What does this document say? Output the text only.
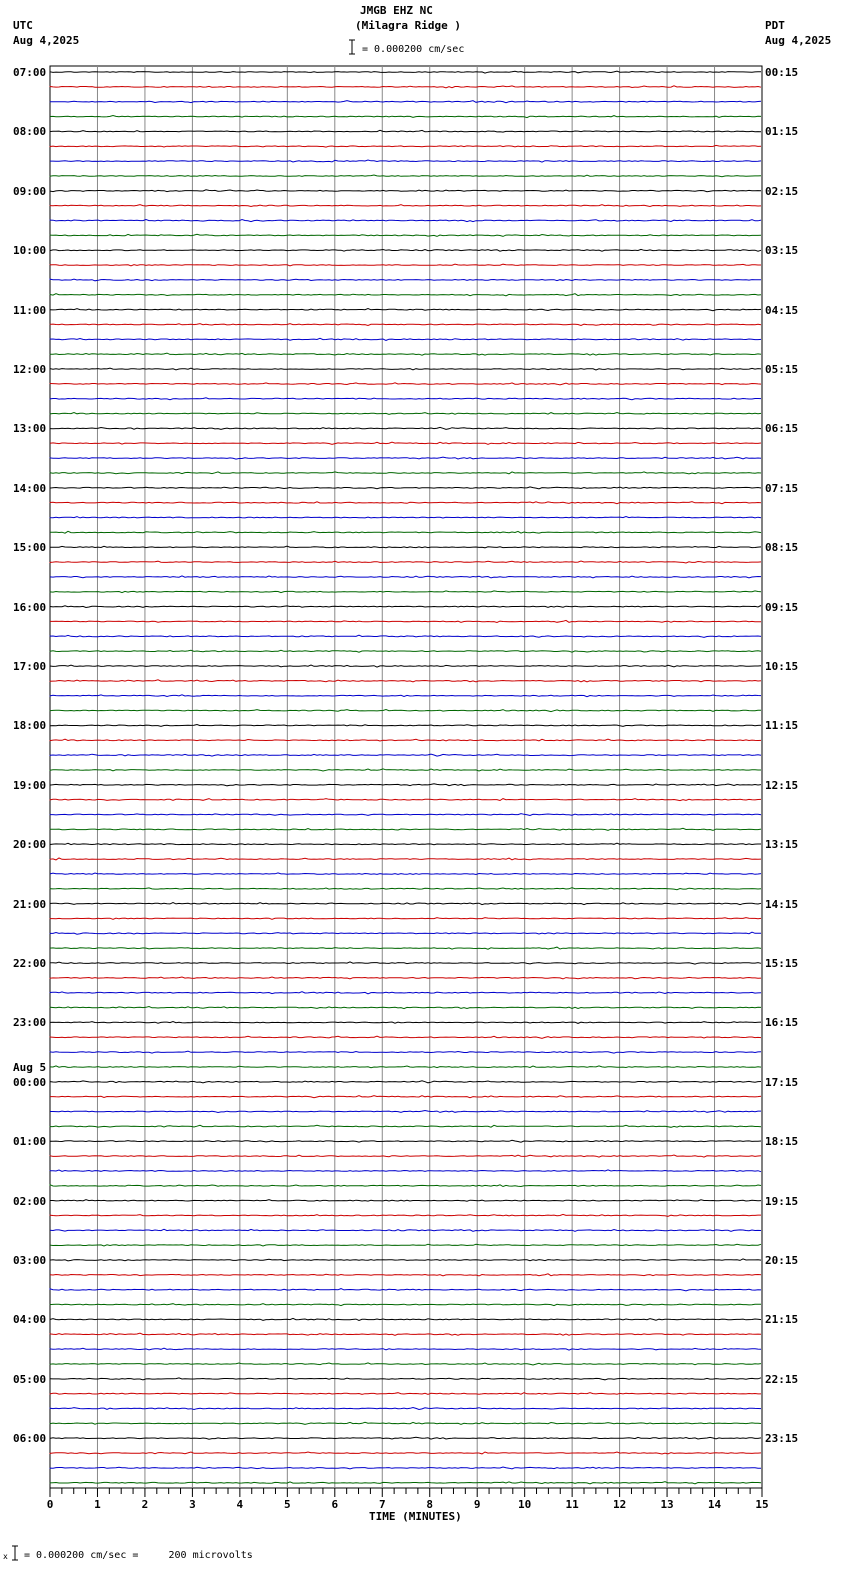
0	1	2	3	4	5	6	7	8	9	10	11	12	13	14	15
JMGB EHZ NC
(Milagra Ridge )
= 0.000200 cm/sec
UTC
Aug 4,2025
PDT
Aug 4,2025
07:00
08:00
09:00
10:00
11:00
12:00
13:00
14:00
15:00
16:00
17:00
18:00
19:00
20:00
21:00
22:00
23:00
Aug 5
00:00
01:00
02:00
03:00
04:00
05:00
06:00
00:15
01:15
02:15
03:15
04:15
05:15
06:15
07:15
08:15
09:15
10:15
11:15
12:15
13:15
14:15
15:15
16:15
17:15
18:15
19:15
20:15
21:15
22:15
23:15
TIME (MINUTES)
x = 0.000200 cm/sec =     200 microvolts
